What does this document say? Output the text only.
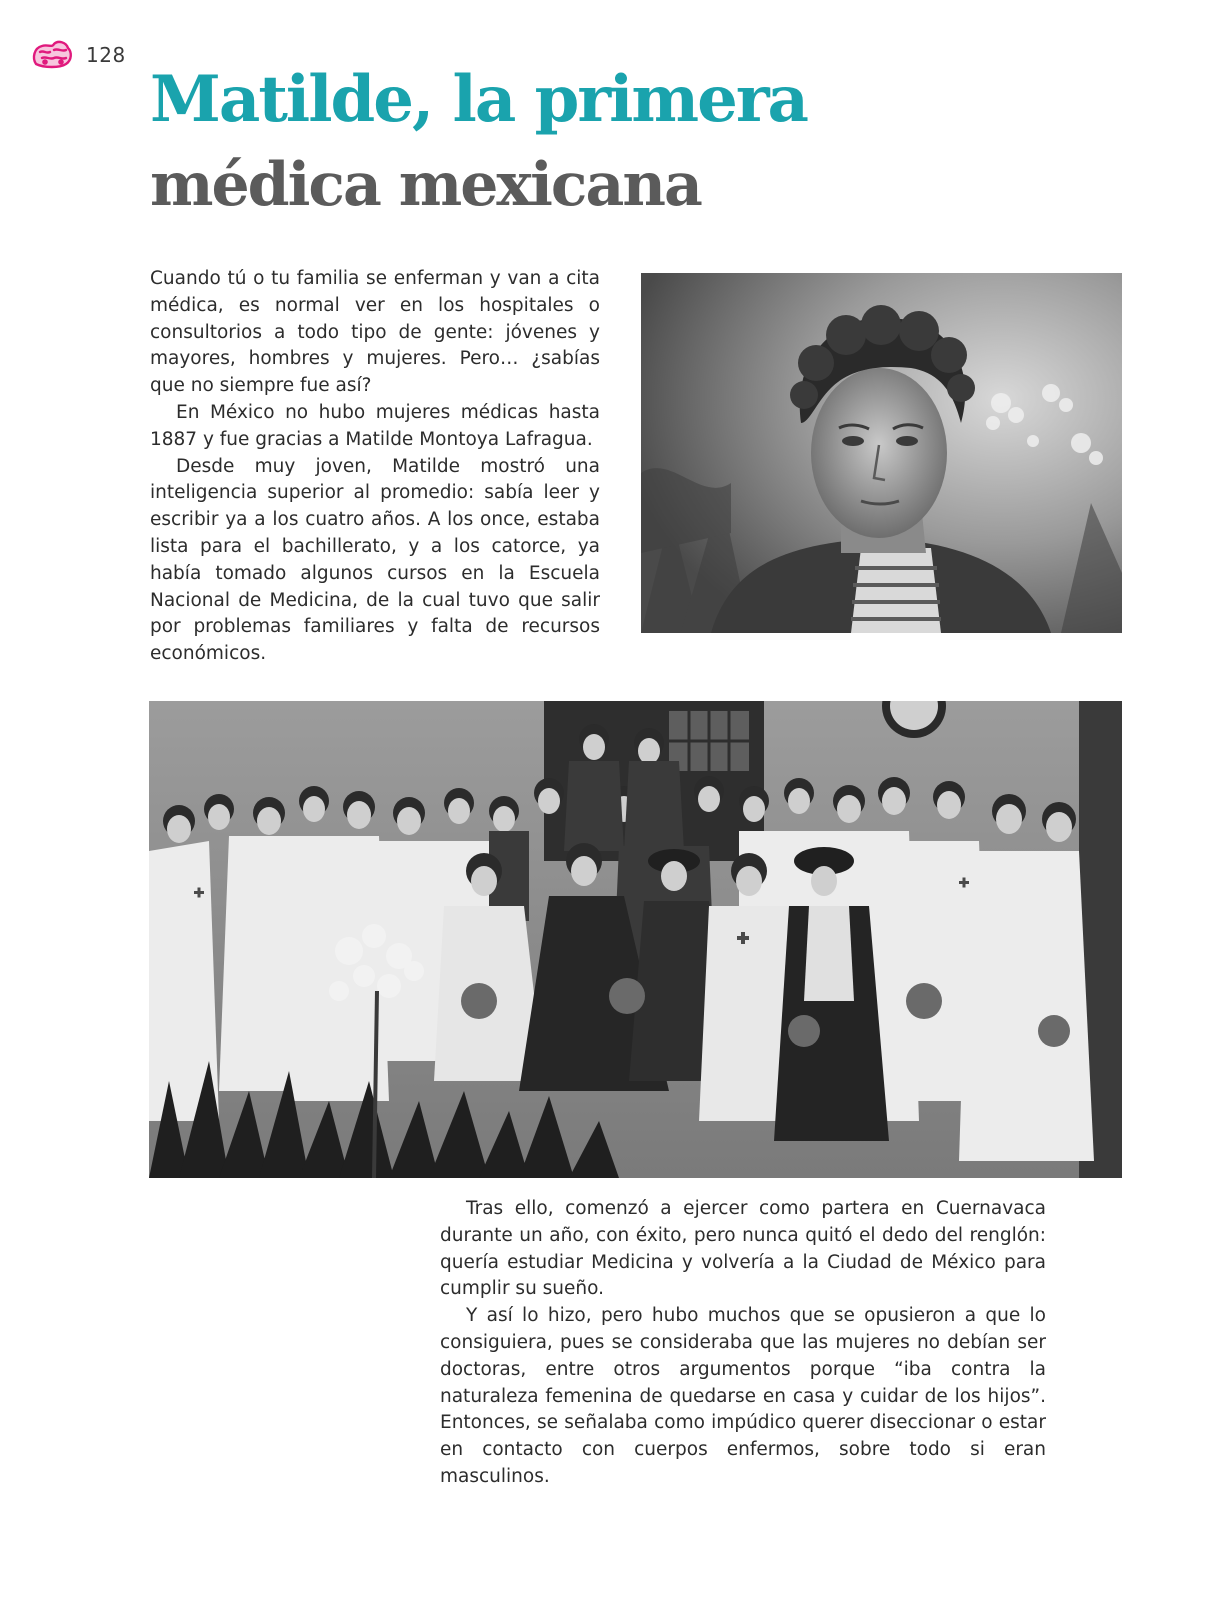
128
Matilde, la primera
médica mexicana

Cuando tú o tu familia se enferman y van a cita médica, es normal ver en los hospitales o consultorios a todo tipo de gente: jóvenes y mayores, hombres y mujeres. Pero… ¿sabías que no siempre fue así?

En México no hubo mujeres médicas hasta 1887 y fue gracias a Matilde Montoya Lafragua.

Desde muy joven, Matilde mostró una inteligencia superior al promedio: sabía leer y escribir ya a los cuatro años. A los once, estaba lista para el bachillerato, y a los catorce, ya había tomado algunos cursos en la Escuela Nacional de Medicina, de la cual tuvo que salir por problemas familiares y falta de recursos económicos.

Tras ello, comenzó a ejercer como partera en Cuernavaca durante un año, con éxito, pero nunca quitó el dedo del renglón: quería estudiar Medicina y volvería a la Ciudad de México para cumplir su sueño.

Y así lo hizo, pero hubo muchos que se opusieron a que lo consiguiera, pues se consideraba que las mujeres no debían ser doctoras, entre otros argumentos porque “iba contra la naturaleza femenina de quedarse en casa y cuidar de los hijos”. Entonces, se señalaba como impúdico querer diseccionar o estar en contacto con cuerpos enfermos, sobre todo si eran masculinos.
